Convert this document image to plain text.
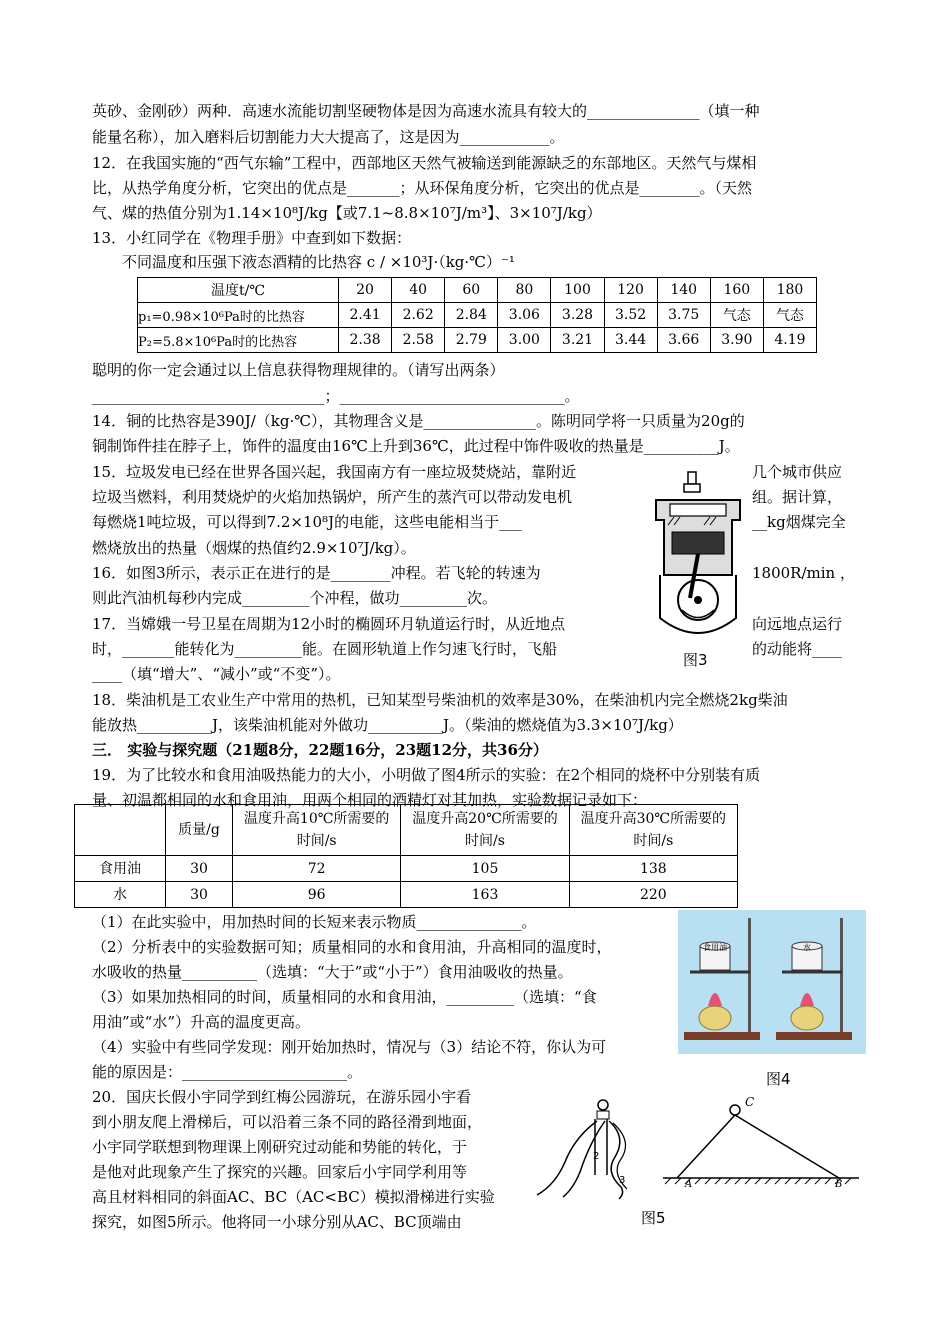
英砂、金刚砂）两种．高速水流能切割坚硬物体是因为高速水流具有较大的_______________（填一种
能量名称），加入磨料后切割能力大大提高了，这是因为____________。
12．在我国实施的“西气东输”工程中，西部地区天然气被输送到能源缺乏的东部地区。天然气与煤相
比，从热学角度分析，它突出的优点是_______；从环保角度分析，它突出的优点是________。（天然
气、煤的热值分别为1.14×10⁸J/kg【或7.1~8.8×10⁷J/m³】、3×10⁷J/kg）
13．小红同学在《物理手册》中查到如下数据：
不同温度和压强下液态酒精的比热容 c / ×10³J·（kg·℃）⁻¹
温度t/℃	20	40	60	80	100	120	140	160	180
p₁=0.98×10⁶Pa时的比热容	2.41	2.62	2.84	3.06	3.28	3.52	3.75	气态	气态
P₂=5.8×10⁶Pa时的比热容	2.38	2.58	2.79	3.00	3.21	3.44	3.66	3.90	4.19
聪明的你一定会通过以上信息获得物理规律的。（请写出两条）
_______________________________；______________________________。
14．铜的比热容是390J/（kg·℃），其物理含义是_______________。陈明同学将一只质量为20g的
铜制饰件挂在脖子上，饰件的温度由16℃上升到36℃，此过程中饰件吸收的热量是__________J。
15．垃圾发电已经在世界各国兴起，我国南方有一座垃圾焚烧站，靠附近	几个城市供应
垃圾当燃料，利用焚烧炉的火焰加热锅炉，所产生的蒸汽可以带动发电机	组。据计算，
每燃烧1吨垃圾，可以得到7.2×10⁸J的电能，这些电能相当于___	__kg烟煤完全
燃烧放出的热量（烟煤的热值约2.9×10⁷J/kg）。
16．如图3所示，表示正在进行的是________冲程。若飞轮的转速为	1800R/min ，
则此汽油机每秒内完成_________个冲程，做功_________次。
17．当嫦娥一号卫星在周期为12小时的椭圆环月轨道运行时，从近地点	向远地点运行
时，_______能转化为_________能。在圆形轨道上作匀速飞行时，飞船	的动能将____
____（填“增大”、“减小”或“不变”）。
图3
18．柴油机是工农业生产中常用的热机，已知某型号柴油机的效率是30%，在柴油机内完全燃烧2kg柴油
能放热__________J，该柴油机能对外做功__________J。（柴油的燃烧值为3.3×10⁷J/kg）
三． 实验与探究题（21题8分，22题16分，23题12分，共36分）
19．为了比较水和食用油吸热能力的大小，小明做了图4所示的实验：在2个相同的烧杯中分别装有质
量、初温都相同的水和食用油，用两个相同的酒精灯对其加热，实验数据记录如下：
	质量/g	温度升高10℃所需要的时间/s	温度升高20℃所需要的时间/s	温度升高30℃所需要的时间/s
食用油	30	72	105	138
水	30	96	163	220
（1）在此实验中，用加热时间的长短来表示物质______________。
（2）分析表中的实验数据可知；质量相同的水和食用油，升高相同的温度时，
水吸收的热量__________（选填：“大于”或“小于”）食用油吸收的热量。
（3）如果加热相同的时间，质量相同的水和食用油，_________（选填：“食
用油”或“水”）升高的温度更高。
（4）实验中有些同学发现：刚开始加热时，情况与（3）结论不符，你认为可
能的原因是：______________________。
食用油	水
图4
20．国庆长假小宇同学到红梅公园游玩，在游乐园小宇看
到小朋友爬上滑梯后，可以沿着三条不同的路径滑到地面，
小宇同学联想到物理课上刚研究过动能和势能的转化，于
是他对此现象产生了探究的兴趣。回家后小宇同学利用等
高且材料相同的斜面AC、BC（AC<BC）模拟滑梯进行实验
探究，如图5所示。他将同一小球分别从AC、BC顶端由
2
3
C
A	B
图5
